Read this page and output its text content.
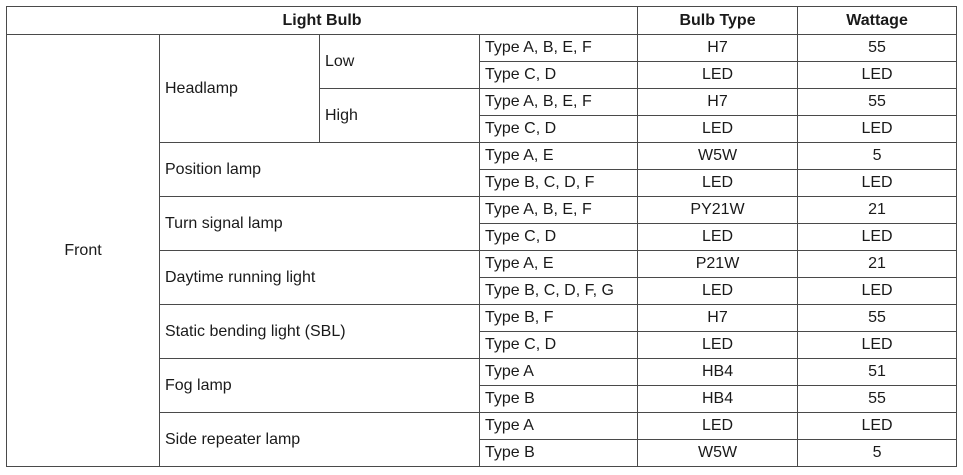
Light Bulb				Bulb Type	Wattage
Front	Headlamp	Low	Type A, B, E, F	H7	55
			Type C, D	LED	LED
		High	Type A, B, E, F	H7	55
			Type C, D	LED	LED
	Position lamp		Type A, E	W5W	5
			Type B, C, D, F	LED	LED
	Turn signal lamp		Type A, B, E, F	PY21W	21
			Type C, D	LED	LED
	Daytime running light		Type A, E	P21W	21
			Type B, C, D, F, G	LED	LED
	Static bending light (SBL)		Type B, F	H7	55
			Type C, D	LED	LED
	Fog lamp		Type A	HB4	51
			Type B	HB4	55
	Side repeater lamp		Type A	LED	LED
			Type B	W5W	5
